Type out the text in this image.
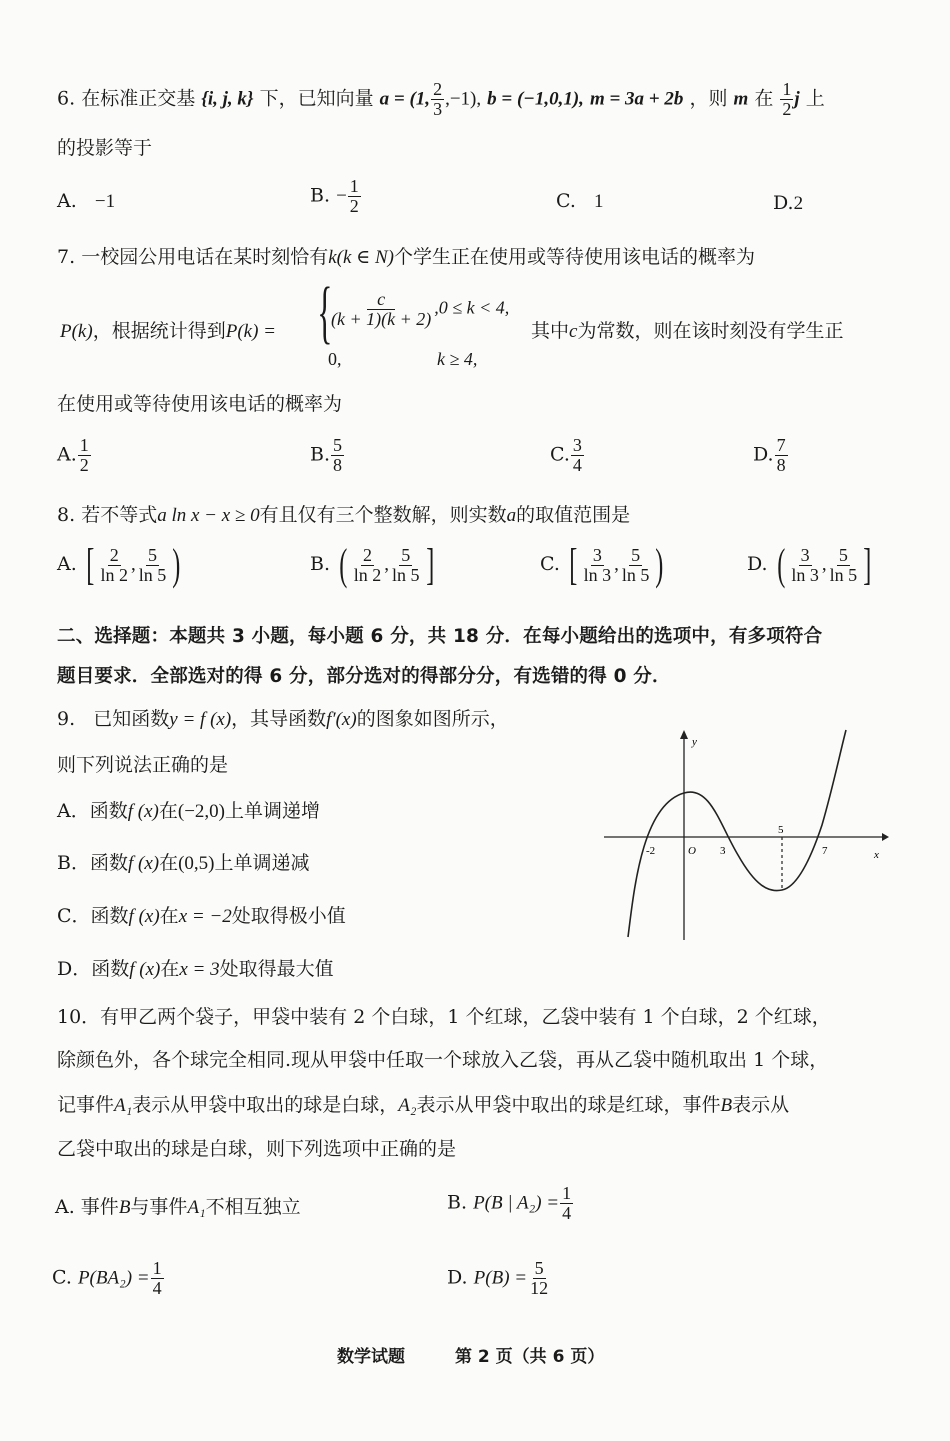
6. 在标准正交基 {i, j, k} 下，已知向量 a = (1, $\frac{2}{3} ,-1$), b = (−1,0,1), m = 3a + 2b ，则 m 在 $\frac{1}{2}$ j 上
的投影等于
A. −1	B. − $\frac{1}{2}$	C. 1	D.2
7. 一校园公用电话在某时刻恰有k(k ∈ N)个学生正在使用或等待使用该电话的概率为
P(k)，根据统计得到P(k) = {
$\frac{c}{(k + 1)(k + 2)} ,0 \le k < 4$,
0,	k ≥ 4,
其中c为常数，则在该时刻没有学生正
在使用或等待使用该电话的概率为
A. $\frac{1}{2}$	B. $\frac{5}{8}$	C. $\frac{3}{4}$	D. $\frac{7}{8}$
8. 若不等式a ln x − x ≥ 0有且仅有三个整数解，则实数a的取值范围是
A. [ $\frac{2}{\ln 2}$ , $\frac{5}{\ln 5}$ )	B. ( $\frac{2}{\ln 2}$ , $\frac{5}{\ln 5}$ ]	C. [ $\frac{3}{\ln 3}$ , $\frac{5}{\ln 5}$ )	D. ( $\frac{3}{\ln 3}$ , $\frac{5}{\ln 5}$ ]
二、选择题：本题共 3 小题，每小题 6 分，共 18 分．在每小题给出的选项中，有多项符合
题目要求．全部选对的得 6 分，部分选对的得部分分，有选错的得 0 分．
9. 已知函数y = f (x)，其导函数f′(x)的图象如图所示，
则下列说法正确的是
A．函数f (x)在(−2,0)上单调递增
B．函数f (x)在(0,5)上单调递减
C．函数f (x)在x = −2处取得极小值
D．函数f (x)在x = 3处取得最大值
y
x
O
-2	3
5
7
10．有甲乙两个袋子，甲袋中装有 2 个白球，1 个红球，乙袋中装有 1 个白球，2 个红球，
除颜色外，各个球完全相同.现从甲袋中任取一个球放入乙袋，再从乙袋中随机取出 1 个球，
记事件A₁表示从甲袋中取出的球是白球，A₂表示从甲袋中取出的球是红球，事件B表示从
乙袋中取出的球是白球，则下列选项中正确的是
A. 事件B与事件A₁不相互独立	B. P(B | $A_2) = \frac{1}{4}$
C. $P(BA_2) = \frac{1}{4}$	D. $P(B) = \frac{5}{12}$
数学试题	第 2 页（共 6 页）
